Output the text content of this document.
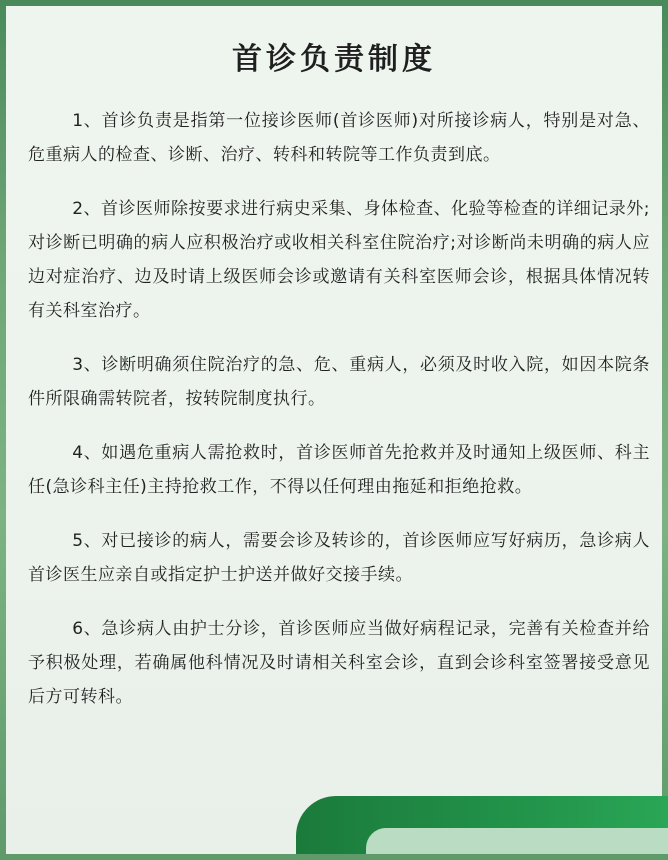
首诊负责制度

1、首诊负责是指第一位接诊医师(首诊医师)对所接诊病人，特别是对急、危重病人的检查、诊断、治疗、转科和转院等工作负责到底。

2、首诊医师除按要求进行病史采集、身体检查、化验等检查的详细记录外;对诊断已明确的病人应积极治疗或收相关科室住院治疗;对诊断尚未明确的病人应边对症治疗、边及时请上级医师会诊或邀请有关科室医师会诊，根据具体情况转有关科室治疗。

3、诊断明确须住院治疗的急、危、重病人，必须及时收入院，如因本院条件所限确需转院者，按转院制度执行。

4、如遇危重病人需抢救时，首诊医师首先抢救并及时通知上级医师、科主任(急诊科主任)主持抢救工作，不得以任何理由拖延和拒绝抢救。

5、对已接诊的病人，需要会诊及转诊的，首诊医师应写好病历，急诊病人首诊医生应亲自或指定护士护送并做好交接手续。

6、急诊病人由护士分诊，首诊医师应当做好病程记录，完善有关检查并给予积极处理，若确属他科情况及时请相关科室会诊，直到会诊科室签署接受意见后方可转科。
